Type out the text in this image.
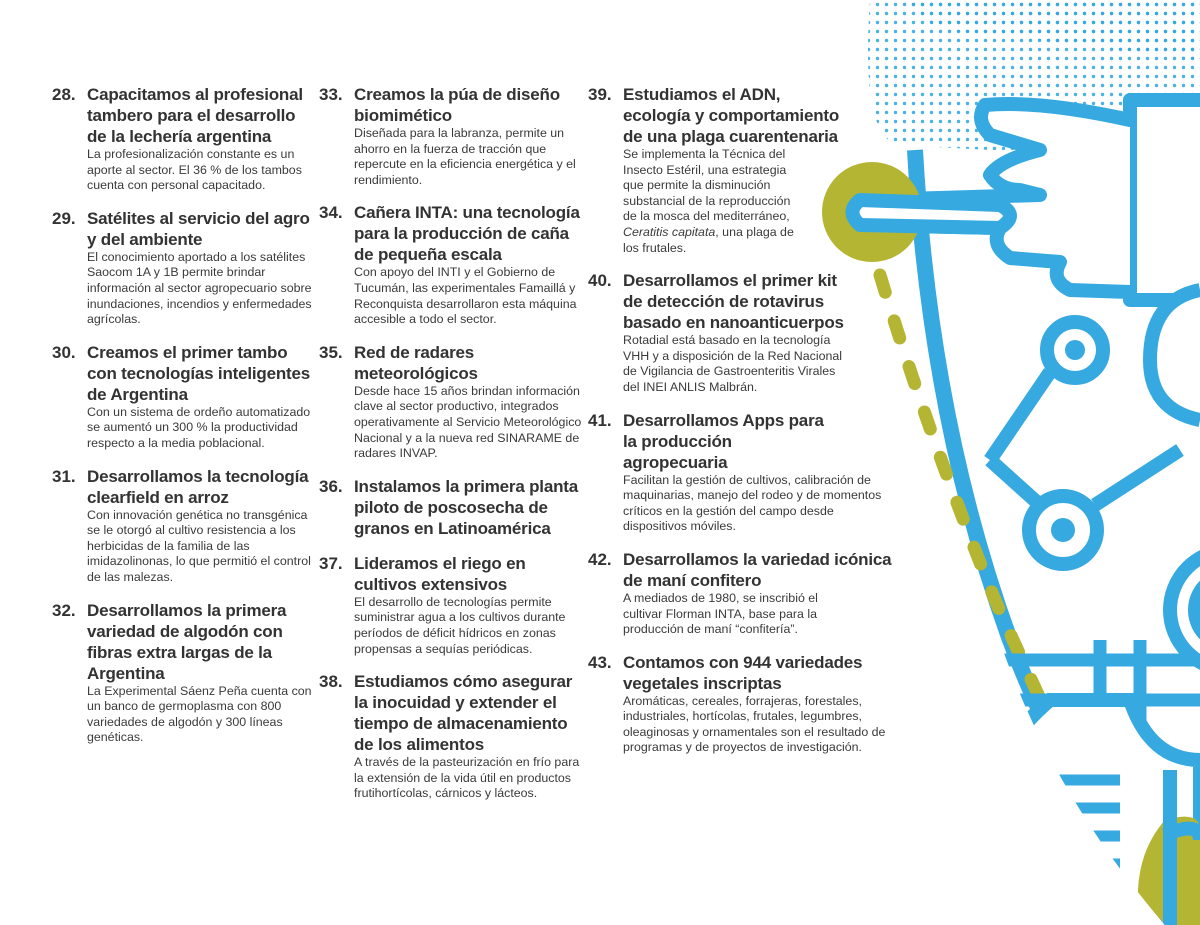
28. Capacitamos al profesional tambero para el desarrollo de la lechería argentina
La profesionalización constante es un aporte al sector. El 36 % de los tambos cuenta con personal capacitado.
29. Satélites al servicio del agro y del ambiente
El conocimiento aportado a los satélites Saocom 1A y 1B permite brindar información al sector agropecuario sobre inundaciones, incendios y enfermedades agrícolas.
30. Creamos el primer tambo con tecnologías inteligentes de Argentina
Con un sistema de ordeño automatizado se aumentó un 300 % la productividad respecto a la media poblacional.
31. Desarrollamos la tecnología clearfield en arroz
Con innovación genética no transgénica se le otorgó al cultivo resistencia a los herbicidas de la familia de las imidazolinonas, lo que permitió el control de las malezas.
32. Desarrollamos la primera variedad de algodón con fibras extra largas de la Argentina
La Experimental Sáenz Peña cuenta con un banco de germoplasma con 800 variedades de algodón y 300 líneas genéticas.
33. Creamos la púa de diseño biomimético
Diseñada para la labranza, permite un ahorro en la fuerza de tracción que repercute en la eficiencia energética y el rendimiento.
34. Cañera INTA: una tecnología para la producción de caña de pequeña escala
Con apoyo del INTI y el Gobierno de Tucumán, las experimentales Famaillá y Reconquista desarrollaron esta máquina accesible a todo el sector.
35. Red de radares meteorológicos
Desde hace 15 años brindan información clave al sector productivo, integrados operativamente al Servicio Meteorológico Nacional y a la nueva red SINARAME de radares INVAP.
36. Instalamos la primera planta piloto de poscosecha de granos en Latinoamérica
37. Lideramos el riego en cultivos extensivos
El desarrollo de tecnologías permite suministrar agua a los cultivos durante períodos de déficit hídricos en zonas propensas a sequías periódicas.
38. Estudiamos cómo asegurar la inocuidad y extender el tiempo de almacenamiento de los alimentos
A través de la pasteurización en frío para la extensión de la vida útil en productos frutihortícolas, cárnicos y lácteos.
39. Estudiamos el ADN, ecología y comportamiento de una plaga cuarentenaria
Se implementa la Técnica del Insecto Estéril, una estrategia que permite la disminución substancial de la reproducción de la mosca del mediterráneo, Ceratitis capitata, una plaga de los frutales.
40. Desarrollamos el primer kit de detección de rotavirus basado en nanoanticuerpos
Rotadial está basado en la tecnología VHH y a disposición de la Red Nacional de Vigilancia de Gastroenteritis Virales del INEI ANLIS Malbrán.
41. Desarrollamos Apps para la producción agropecuaria
Facilitan la gestión de cultivos, calibración de maquinarias, manejo del rodeo y de momentos críticos en la gestión del campo desde dispositivos móviles.
42. Desarrollamos la variedad icónica de maní confitero
A mediados de 1980, se inscribió el cultivar Florman INTA, base para la producción de maní “confitería”.
43. Contamos con 944 variedades vegetales inscriptas
Aromáticas, cereales, forrajeras, forestales, industriales, hortícolas, frutales, legumbres, oleaginosas y ornamentales son el resultado de programas y de proyectos de investigación.
